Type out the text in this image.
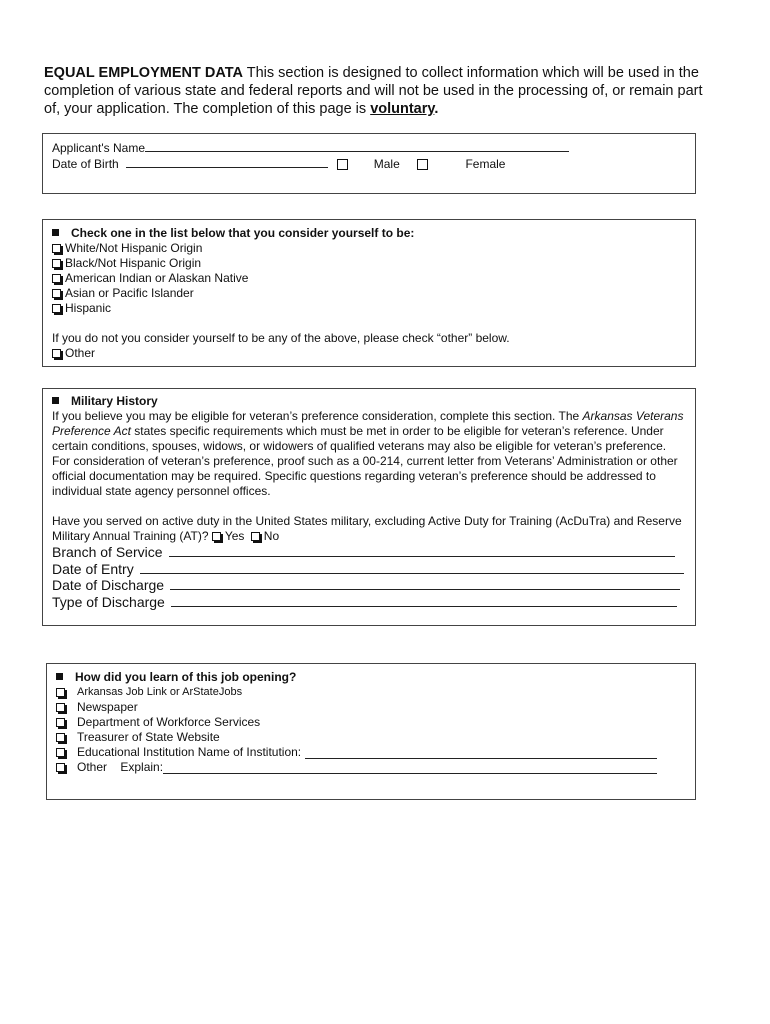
EQUAL EMPLOYMENT DATA This section is designed to collect information which will be used in the completion of various state and federal reports and will not be used in the processing of, or remain part of, your application. The completion of this page is voluntary.
Applicant's Name
Date of Birth	Male	Female
Check one in the list below that you consider yourself to be:
White/Not Hispanic Origin
Black/Not Hispanic Origin
American Indian or Alaskan Native
Asian or Pacific Islander
Hispanic
If you do not you consider yourself to be any of the above, please check “other” below.
Other
Military History
If you believe you may be eligible for veteran’s preference consideration, complete this section. The Arkansas Veterans Preference Act states specific requirements which must be met in order to be eligible for veteran’s reference. Under certain conditions, spouses, widows, or widowers of qualified veterans may also be eligible for veteran’s preference. For consideration of veteran’s preference, proof such as a 00-214, current letter from Veterans’ Administration or other official documentation may be required. Specific questions regarding veteran’s preference should be addressed to individual state agency personnel offices.
Have you served on active duty in the United States military, excluding Active Duty for Training (AcDuTra) and Reserve Military Annual Training (AT)? Yes No
Branch of Service
Date of Entry
Date of Discharge
Type of Discharge
How did you learn of this job opening?
Arkansas Job Link or ArStateJobs
Newspaper
Department of Workforce Services
Treasurer of State Website
Educational Institution Name of Institution:
Other    Explain:
